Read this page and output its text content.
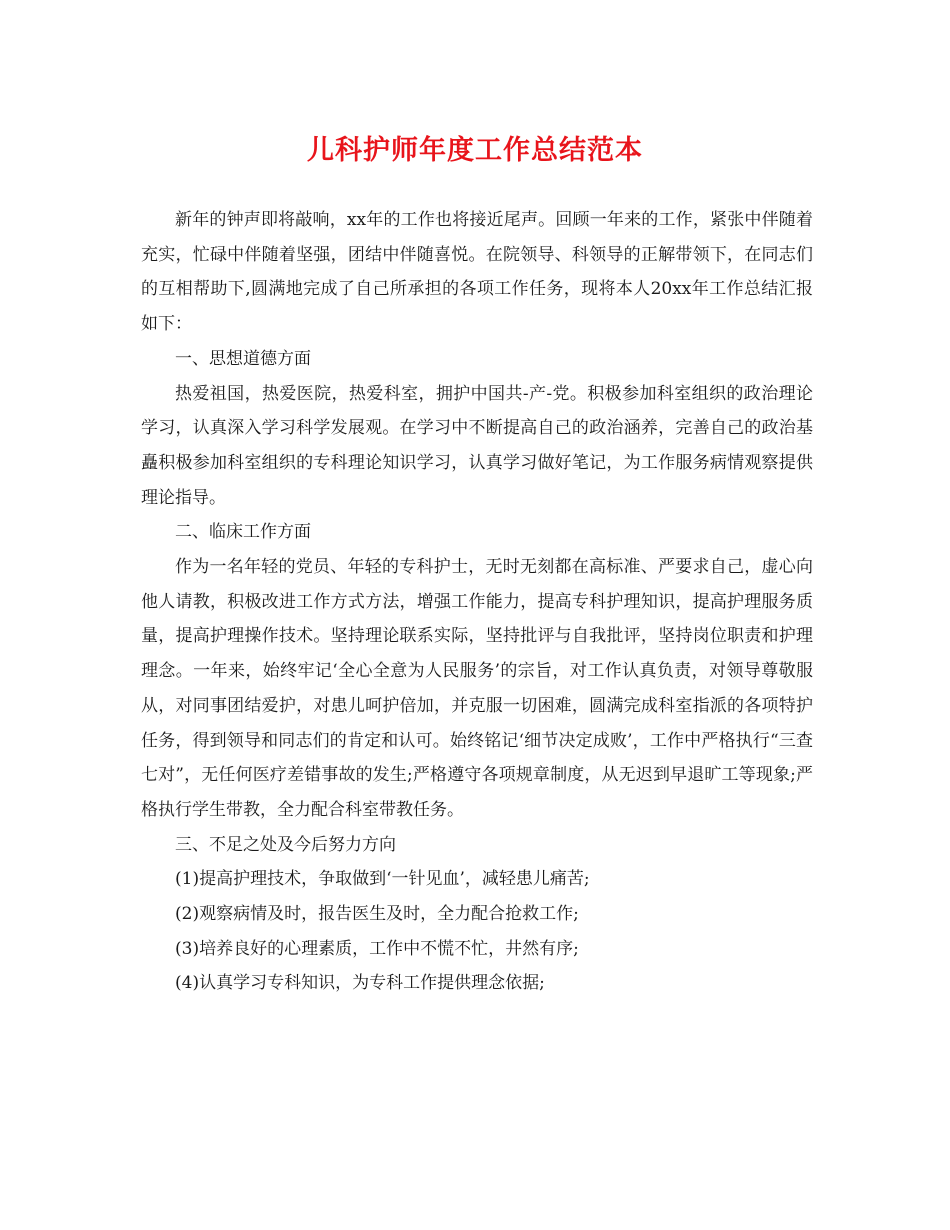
儿科护师年度工作总结范本

新年的钟声即将敲响，xx年的工作也将接近尾声。回顾一年来的工作，紧张中伴随着充实，忙碌中伴随着坚强，团结中伴随喜悦。在院领导、科领导的正解带领下，在同志们的互相帮助下,圆满地完成了自己所承担的各项工作任务，现将本人20xx年工作总结汇报如下：

一、思想道德方面

热爱祖国，热爱医院，热爱科室，拥护中国共-产-党。积极参加科室组织的政治理论学习，认真深入学习科学发展观。在学习中不断提高自己的政治涵养，完善自己的政治基矗积极参加科室组织的专科理论知识学习，认真学习做好笔记，为工作服务病情观察提供理论指导。

二、临床工作方面

作为一名年轻的党员、年轻的专科护士，无时无刻都在高标准、严要求自己，虚心向他人请教，积极改进工作方式方法，增强工作能力，提高专科护理知识，提高护理服务质量，提高护理操作技术。坚持理论联系实际，坚持批评与自我批评，坚持岗位职责和护理理念。一年来，始终牢记‘全心全意为人民服务’的宗旨，对工作认真负责，对领导尊敬服从，对同事团结爱护，对患儿呵护倍加，并克服一切困难，圆满完成科室指派的各项特护任务，得到领导和同志们的肯定和认可。始终铭记‘细节决定成败’，工作中严格执行“三查七对”，无任何医疗差错事故的发生;严格遵守各项规章制度，从无迟到早退旷工等现象;严格执行学生带教，全力配合科室带教任务。

三、不足之处及今后努力方向

(1)提高护理技术，争取做到‘一针见血’，减轻患儿痛苦;

(2)观察病情及时，报告医生及时，全力配合抢救工作;

(3)培养良好的心理素质，工作中不慌不忙，井然有序;

(4)认真学习专科知识，为专科工作提供理念依据;
